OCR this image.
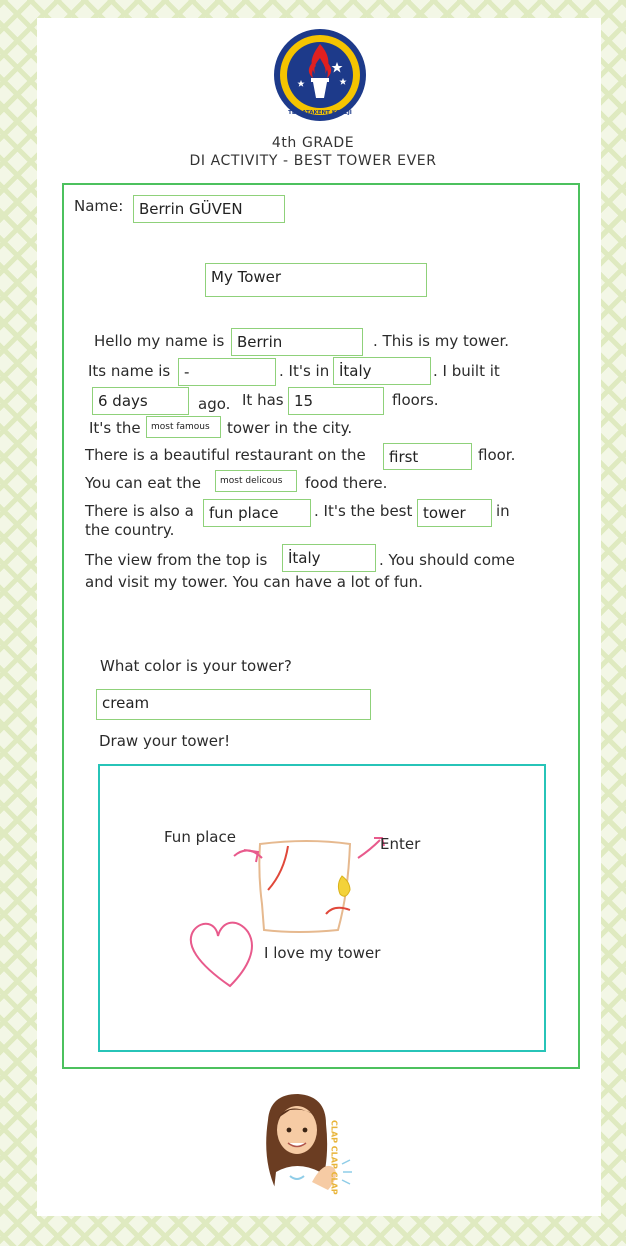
TED ATAKENT KOLEJİ
4th GRADE
DI ACTIVITY - BEST TOWER EVER
Name:	Berrin GÜVEN
My Tower
Hello my name is Berrin	. This is my tower.
Its name is -	. It's in İtaly	. I built it
6 days	ago. It has 15	floors.
It's the	most famous	tower in the city.
There is a beautiful restaurant on the	first	floor.
You can eat the	most delicous	food there.
There is also a	fun place	. It's the best tower	in
the country.
The view from the top is	İtaly	. You should come
and visit my tower. You can have a lot of fun.
What color is your tower?
cream
Draw your tower!
Fun place	Enter
I love my tower
CLAP CLAP CLAP
